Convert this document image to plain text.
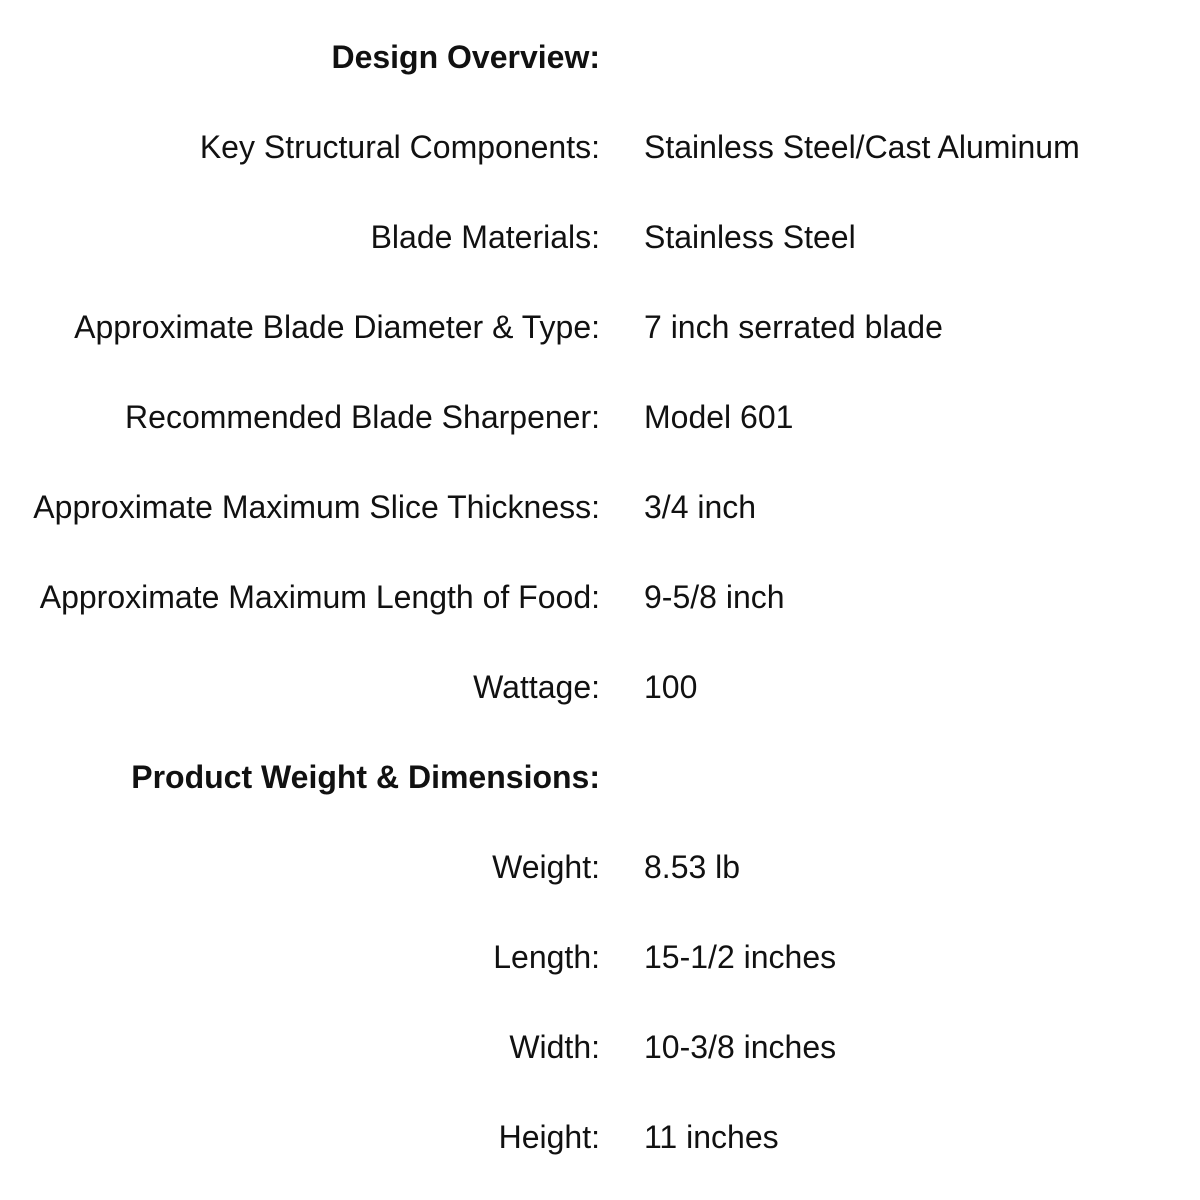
Design Overview:
Key Structural Components: Stainless Steel/Cast Aluminum
Blade Materials: Stainless Steel
Approximate Blade Diameter & Type: 7 inch serrated blade
Recommended Blade Sharpener: Model 601
Approximate Maximum Slice Thickness: 3/4 inch
Approximate Maximum Length of Food: 9-5/8 inch
Wattage: 100
Product Weight & Dimensions:
Weight: 8.53 lb
Length: 15-1/2 inches
Width: 10-3/8 inches
Height: 11 inches
